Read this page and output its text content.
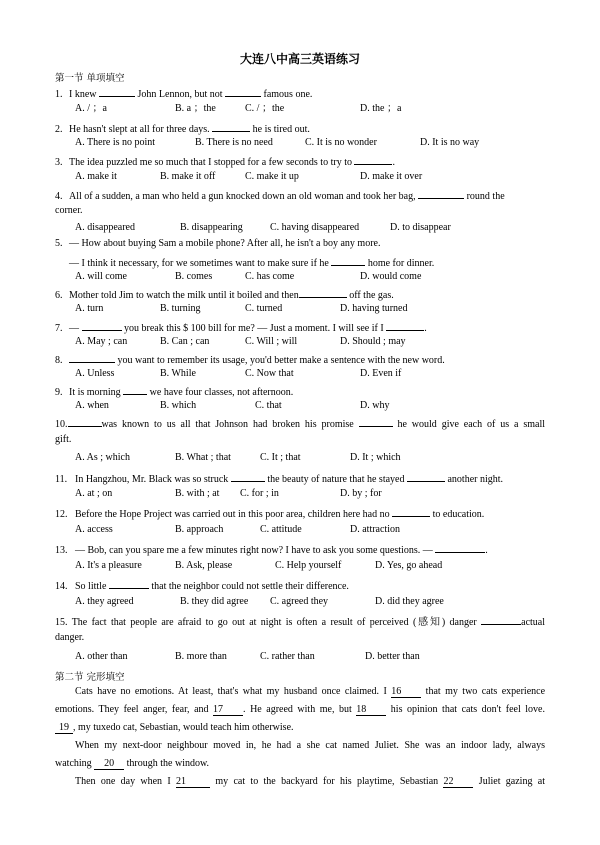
大连八中高三英语练习
第一节 单项填空
1. I knew	John Lennon, but not	famous one.
A. / ；a	B. a ；the	C. / ；the	D. the ；a
2. He hasn't slept at all for three days.	he is tired out.
A. There is no point	B. There is no need	C. It is no wonder	D. It is no way
3. The idea puzzled me so much that I stopped for a few seconds to try to	.
A. make it	B. make it off	C. make it up	D. make it over
4. All of a sudden, a man who held a gun knocked down an old woman and took her bag,	round the
corner.
A. disappeared	B. disappearing	C. having disappeared	D. to disappear
5. — How about buying Sam a mobile phone? After all, he isn't a boy any more.
— I think it necessary, for we sometimes want to make sure if he	home for dinner.
A. will come	B. comes	C. has come	D. would come
6. Mother told Jim to watch the milk until it boiled and then	off the gas.
A. turn	B. turning	C. turned	D. having turned
7. —	you break this $ 100 bill for me? — Just a moment. I will see if I	.
A. May ; can	B. Can ; can	C. Will ; will	D. Should ; may
8.	you want to remember its usage, you'd better make a sentence with the new word.
A. Unless	B. While	C. Now that	D. Even if
9. It is morning  we have four classes, not afternoon.
A. when	B. which	C. that	D. why
10.	was known to us all that Johnson had broken his promise	he would give each of us a small
gift.
A. As ; which	B. What ; that	C. It ; that	D. It ; which
11. In Hangzhou, Mr. Black was so struck	the beauty of nature that he stayed	another night.
A. at ; on	B. with ; at C. for ; in	D. by ; for
12. Before the Hope Project was carried out in this poor area, children here had no	to education.
A. access	B. approach	C. attitude	D. attraction
13. — Bob, can you spare me a few minutes right now? I have to ask you some questions. —	.
A. It's a pleasure	B. Ask, please	C. Help yourself	D. Yes, go ahead
14. So little	that the neighbor could not settle their difference.
A. they agreed	B. they did agree C. agreed they	D. did they agree
15. The fact that people are afraid to go out at night is often a result of perceived (感知) danger	actual
danger.
A. other than	B. more than	C. rather than	D. better than
第二节 完形填空
Cats have no emotions. At least, that's what my husband once claimed. I 16 that my two cats experience
emotions. They feel anger, fear, and 17 . He agreed with me, but 18 his opinion that cats don't feel love.
19 , my tuxedo cat, Sebastian, would teach him otherwise.
When my next-door neighbour moved in, he had a she cat named Juliet. She was an indoor lady, always
watching 20 through the window.
Then one day when I 21 my cat to the backyard for his playtime, Sebastian 22 Juliet gazing at
